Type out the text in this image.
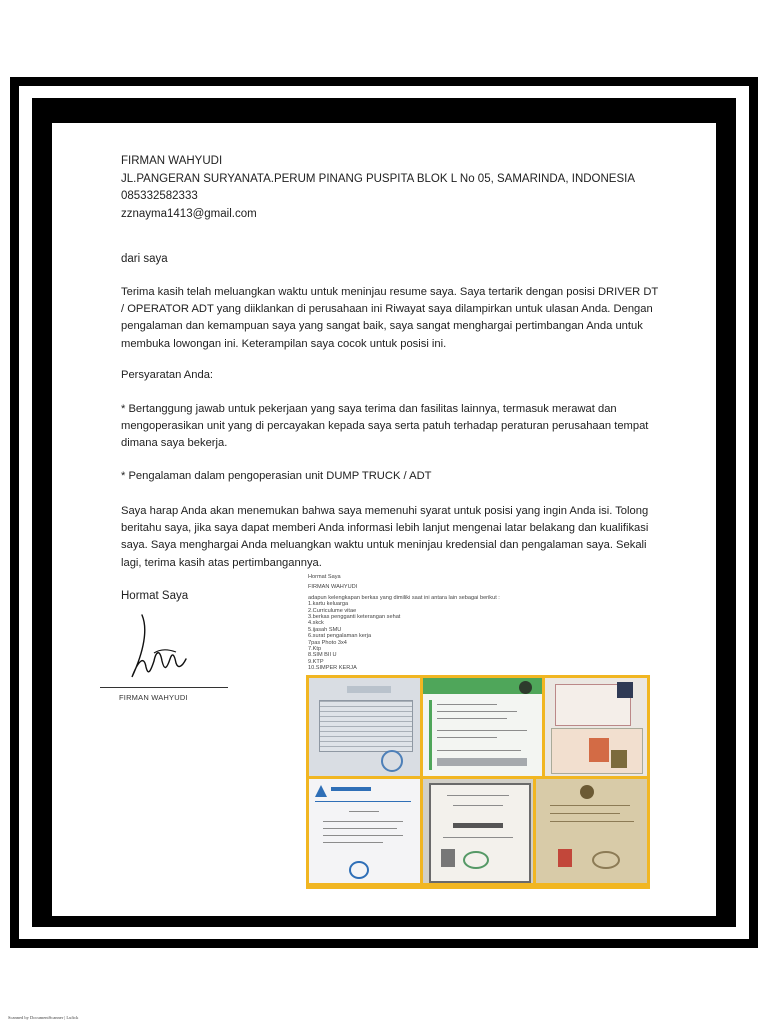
FIRMAN WAHYUDI
JL.PANGERAN SURYANATA.PERUM PINANG PUSPITA BLOK L No 05, SAMARINDA, INDONESIA
085332582333
zznayma1413@gmail.com
dari saya

Terima kasih telah meluangkan waktu untuk meninjau resume saya. Saya tertarik dengan posisi DRIVER DT / OPERATOR ADT yang diiklankan di perusahaan ini Riwayat saya dilampirkan untuk ulasan Anda. Dengan pengalaman dan kemampuan saya yang sangat baik, saya sangat menghargai pertimbangan Anda untuk membuka lowongan ini. Keterampilan saya cocok untuk posisi ini.

Persyaratan Anda:

* Bertanggung jawab untuk pekerjaan yang saya terima dan fasilitas lainnya, termasuk merawat dan mengoperasikan unit yang di percayakan kepada saya serta patuh terhadap peraturan perusahaan tempat dimana saya bekerja.

* Pengalaman dalam pengoperasian unit DUMP TRUCK / ADT

Saya harap Anda akan menemukan bahwa saya memenuhi syarat untuk posisi yang ingin Anda isi. Tolong beritahu saya, jika saya dapat memberi Anda informasi lebih lanjut mengenai latar belakang dan kualifikasi saya. Saya menghargai Anda meluangkan waktu untuk meninjau kredensial dan pengalaman saya. Sekali lagi, terima kasih atas pertimbangannya.

Hormat Saya
FIRMAN WAHYUDI
Hormat Saya
FIRMAN WAHYUDI
adapun kelengkapan berkas yang dimiliki saat ini antara lain sebagai berikut :
1.kartu keluarga
2.Curriculume vitae
3.berkas pengganti keterangan sehat
4.skck
5.ijasah SMU
6.surat pengalaman kerja
7pas Photo 3x4
7.Ktp
8.SIM BII U
9.KTP
10.SIMPER KERJA
Scanned by DocumentScanner | Lufick
